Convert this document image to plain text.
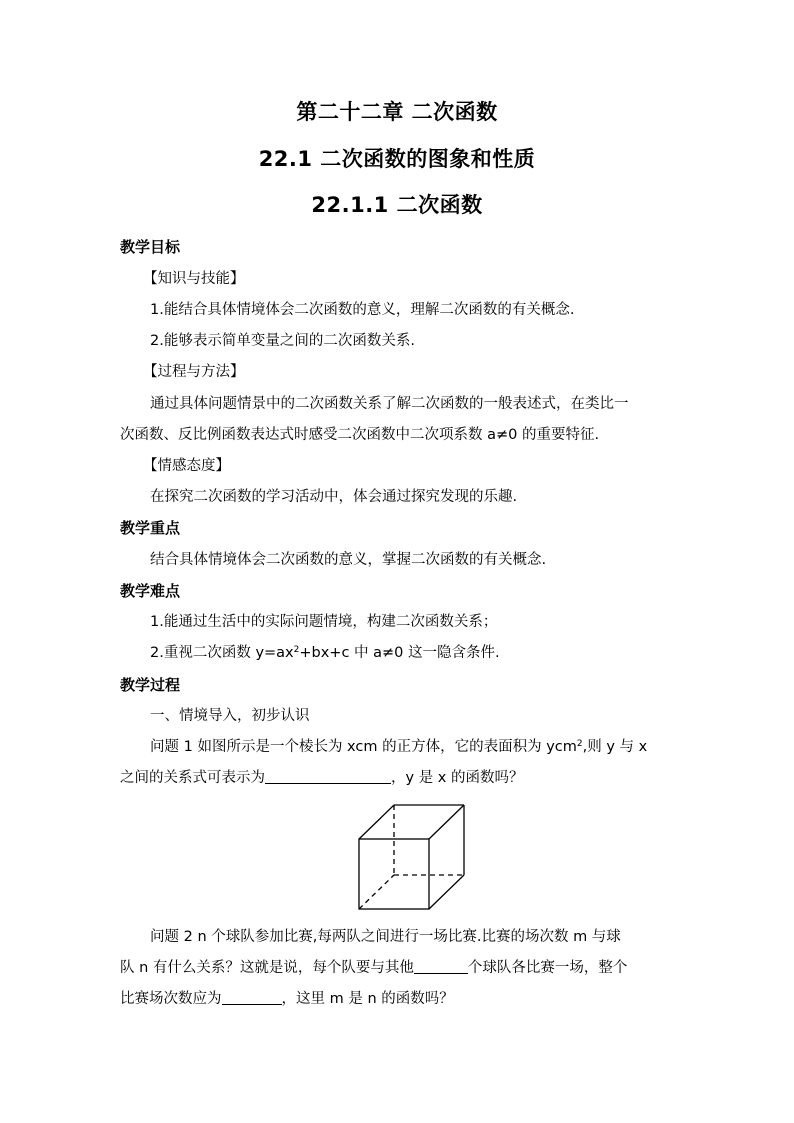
第二十二章 二次函数
22.1 二次函数的图象和性质
22.1.1 二次函数
教学目标
【知识与技能】
1.能结合具体情境体会二次函数的意义，理解二次函数的有关概念.
2.能够表示简单变量之间的二次函数关系.
【过程与方法】
通过具体问题情景中的二次函数关系了解二次函数的一般表述式，在类比一
次函数、反比例函数表达式时感受二次函数中二次项系数 a≠0 的重要特征.
【情感态度】
在探究二次函数的学习活动中，体会通过探究发现的乐趣.
教学重点
结合具体情境体会二次函数的意义，掌握二次函数的有关概念.
教学难点
1.能通过生活中的实际问题情境，构建二次函数关系；
2.重视二次函数 $y=ax^2+bx+c$ 中 a≠0 这一隐含条件.
教学过程
一、情境导入，初步认识
问题 1 如图所示是一个棱长为 xcm 的正方体，它的表面积为 ycm$^2$,则 y 与 x
之间的关系式可表示为	，y 是 x 的函数吗？
问题 2 n 个球队参加比赛,每两队之间进行一场比赛.比赛的场次数 m 与球
队 n 有什么关系？这就是说，每个队要与其他	个球队各比赛一场，整个
比赛场次数应为	，这里 m 是 n 的函数吗？
